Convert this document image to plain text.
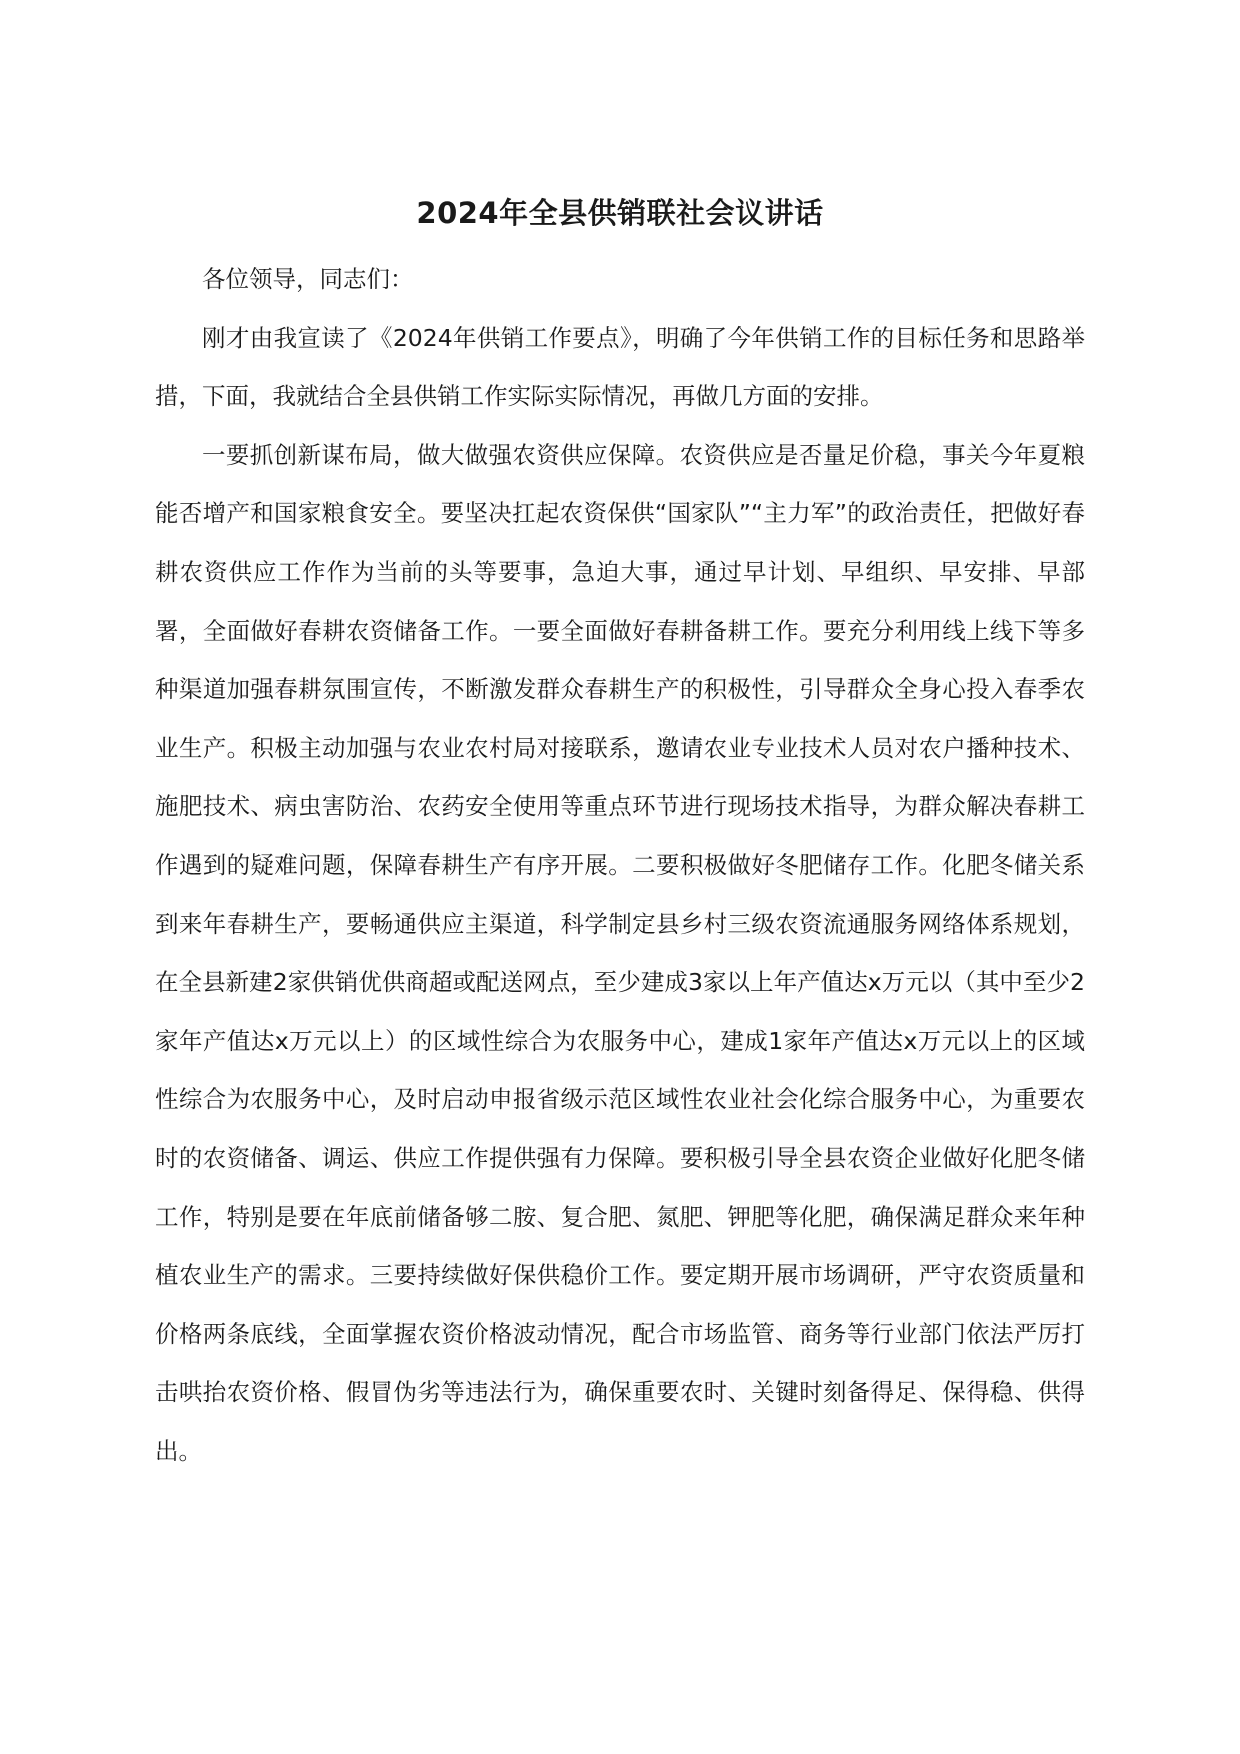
2024年全县供销联社会议讲话

各位领导，同志们：

刚才由我宣读了《2024年供销工作要点》，明确了今年供销工作的目标任务和思路举措，下面，我就结合全县供销工作实际实际情况，再做几方面的安排。

一要抓创新谋布局，做大做强农资供应保障。农资供应是否量足价稳，事关今年夏粮能否增产和国家粮食安全。要坚决扛起农资保供“国家队”“主力军”的政治责任，把做好春耕农资供应工作作为当前的头等要事，急迫大事，通过早计划、早组织、早安排、早部署，全面做好春耕农资储备工作。一要全面做好春耕备耕工作。要充分利用线上线下等多种渠道加强春耕氛围宣传，不断激发群众春耕生产的积极性，引导群众全身心投入春季农业生产。积极主动加强与农业农村局对接联系，邀请农业专业技术人员对农户播种技术、施肥技术、病虫害防治、农药安全使用等重点环节进行现场技术指导，为群众解决春耕工作遇到的疑难问题，保障春耕生产有序开展。二要积极做好冬肥储存工作。化肥冬储关系到来年春耕生产，要畅通供应主渠道，科学制定县乡村三级农资流通服务网络体系规划，在全县新建2家供销优供商超或配送网点，至少建成3家以上年产值达x万元以（其中至少2家年产值达x万元以上）的区域性综合为农服务中心，建成1家年产值达x万元以上的区域性综合为农服务中心，及时启动申报省级示范区域性农业社会化综合服务中心，为重要农时的农资储备、调运、供应工作提供强有力保障。要积极引导全县农资企业做好化肥冬储工作，特别是要在年底前储备够二胺、复合肥、氮肥、钾肥等化肥，确保满足群众来年种植农业生产的需求。三要持续做好保供稳价工作。要定期开展市场调研，严守农资质量和价格两条底线，全面掌握农资价格波动情况，配合市场监管、商务等行业部门依法严厉打击哄抬农资价格、假冒伪劣等违法行为，确保重要农时、关键时刻备得足、保得稳、供得出。
